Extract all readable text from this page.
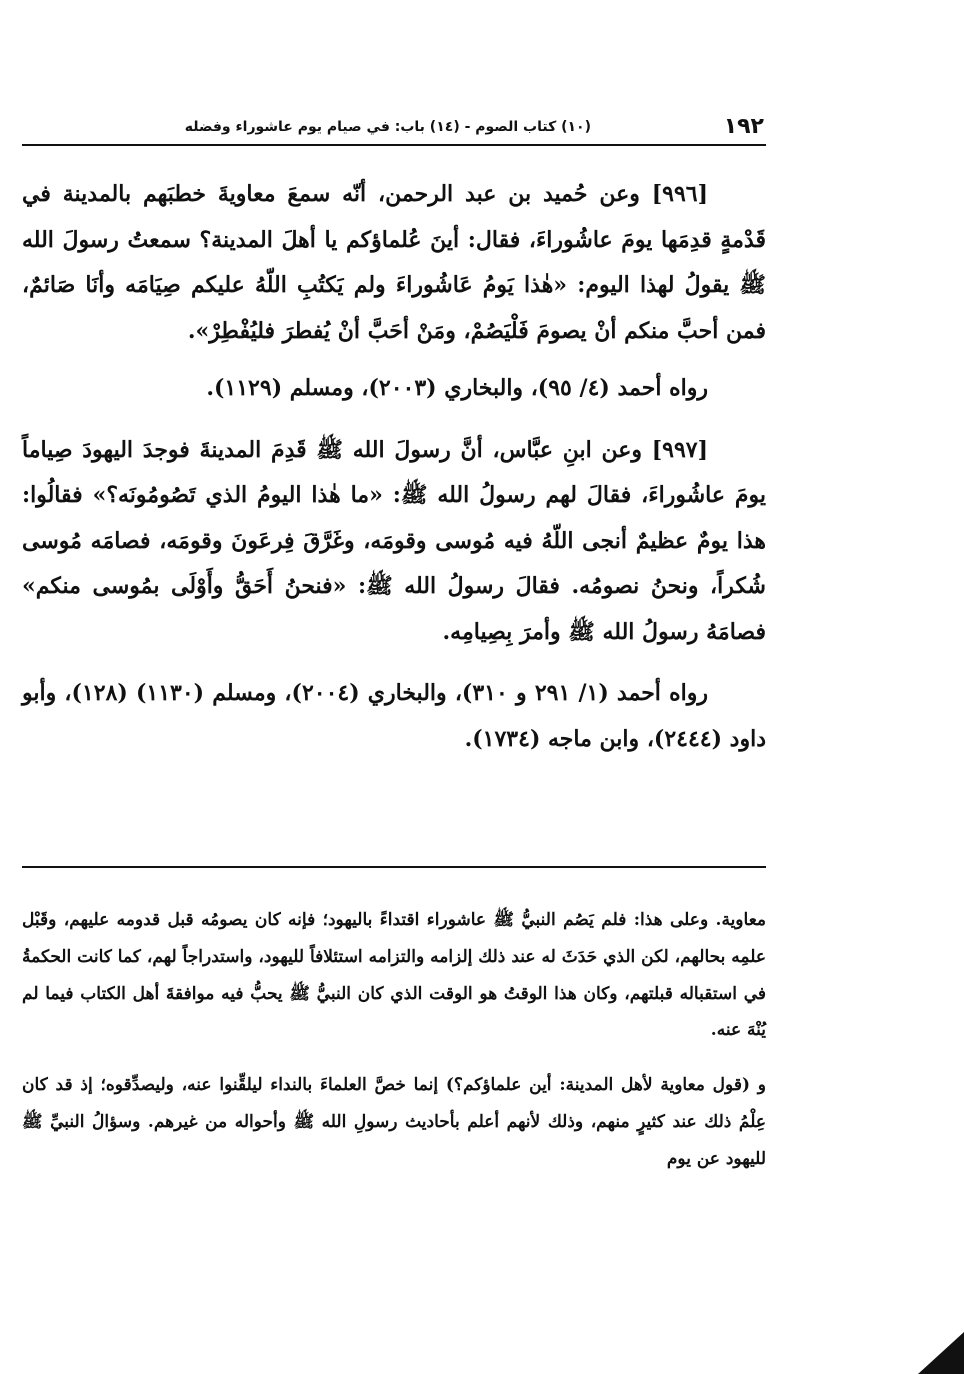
١٩٢
(١٠) كتاب الصوم - (١٤) باب: في صيام يوم عاشوراء وفضله

[٩٩٦] وعن حُميد بن عبد الرحمن، أنّه سمعَ معاويةَ خطبَهم بالمدينة في قَدْمةٍ قدِمَها يومَ عاشُوراءَ، فقال: أينَ عُلماؤكم يا أهلَ المدينة؟ سمعتُ رسولَ الله ﷺ يقولُ لهذا اليوم: «هٰذا يَومُ عَاشُوراءَ ولم يَكتُبِ اللّهُ عليكم صِيَامَه وأنَا صَائمٌ، فمن أحبَّ منكم أنْ يصومَ فَلْيَصُمْ، ومَنْ أحَبَّ أنْ يُفطرَ فليُفْطِرْ».

رواه أحمد (٤/ ٩٥)، والبخاري (٢٠٠٣)، ومسلم (١١٢٩).

[٩٩٧] وعن ابنِ عبَّاس، أنَّ رسولَ الله ﷺ قَدِمَ المدينةَ فوجدَ اليهودَ صِياماً يومَ عاشُوراءَ، فقالَ لهم رسولُ الله ﷺ: «ما هٰذا اليومُ الذي تَصُومُونَه؟» فقالُوا: هذا يومٌ عظيمٌ أنجى اللّهُ فيه مُوسى وقومَه، وغَرَّقَ فِرعَونَ وقومَه، فصامَه مُوسى شُكراً، ونحنُ نصومُه. فقالَ رسولُ الله ﷺ: «فنحنُ أَحَقُّ وأَوْلَى بمُوسى منكم» فصامَهُ رسولُ الله ﷺ وأمرَ بِصِيامِه.

رواه أحمد (١/ ٢٩١ و ٣١٠)، والبخاري (٢٠٠٤)، ومسلم (١١٣٠) (١٢٨)، وأبو داود (٢٤٤٤)، وابن ماجه (١٧٣٤).

معاوية. وعلى هذا: فلم يَصُم النبيُّ ﷺ عاشوراء اقتداءً باليهود؛ فإنه كان يصومُه قبل قدومه عليهم، وقَبْل علمِه بحالهم، لكن الذي حَدَثَ له عند ذلك إلزامه والتزامه استئلافاً لليهود، واستدراجاً لهم، كما كانت الحكمةُ في استقباله قبلتهم، وكان هذا الوقتُ هو الوقت الذي كان النبيُّ ﷺ يحبُّ فيه موافقةَ أهل الكتاب فيما لم يُنْهَ عنه.

و (قول معاوية لأهل المدينة: أين علماؤكم؟) إنما خصَّ العلماءَ بالنداء ليلقِّنوا عنه، وليصدِّقوه؛ إذ قد كان عِلْمُ ذلك عند كثيرٍ منهم، وذلك لأنهم أعلم بأحاديث رسولِ الله ﷺ وأحواله من غيرهم. وسؤالُ النبيِّ ﷺ لليهود عن يوم
